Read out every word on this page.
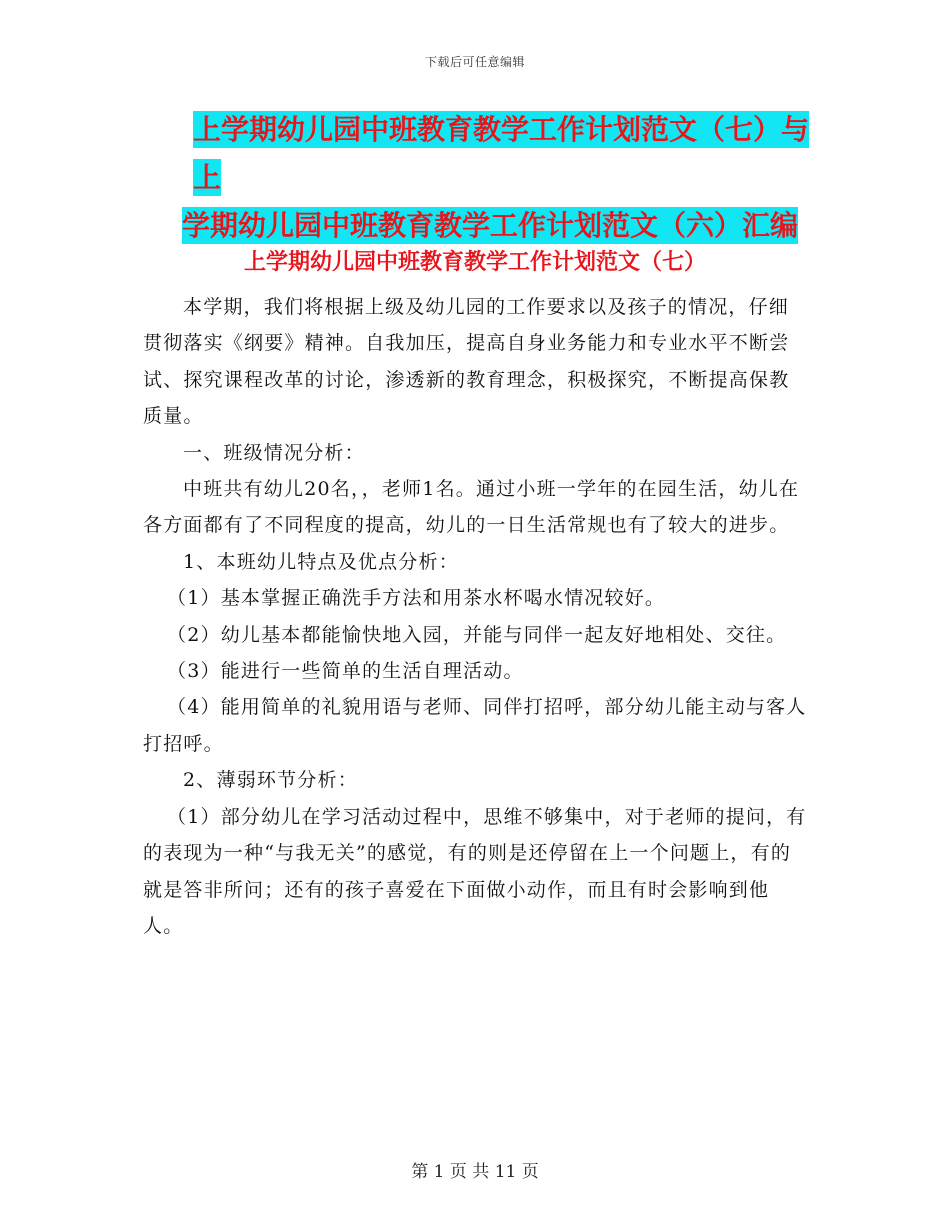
下载后可任意编辑
上学期幼儿园中班教育教学工作计划范文（七）与上
学期幼儿园中班教育教学工作计划范文（六）汇编
上学期幼儿园中班教育教学工作计划范文（七）

本学期，我们将根据上级及幼儿园的工作要求以及孩子的情况，仔细贯彻落实《纲要》精神。自我加压，提高自身业务能力和专业水平不断尝试、探究课程改革的讨论，渗透新的教育理念，积极探究，不断提高保教质量。

一、班级情况分析：

中班共有幼儿20名，，老师1名。通过小班一学年的在园生活，幼儿在各方面都有了不同程度的提高，幼儿的一日生活常规也有了较大的进步。

1、本班幼儿特点及优点分析：

（1）基本掌握正确洗手方法和用茶水杯喝水情况较好。

（2）幼儿基本都能愉快地入园，并能与同伴一起友好地相处、交往。

（3）能进行一些简单的生活自理活动。

（4）能用简单的礼貌用语与老师、同伴打招呼，部分幼儿能主动与客人打招呼。

2、薄弱环节分析：

（1）部分幼儿在学习活动过程中，思维不够集中，对于老师的提问，有的表现为一种“与我无关”的感觉，有的则是还停留在上一个问题上，有的就是答非所问；还有的孩子喜爱在下面做小动作，而且有时会影响到他人。

第 1 页 共 11 页
